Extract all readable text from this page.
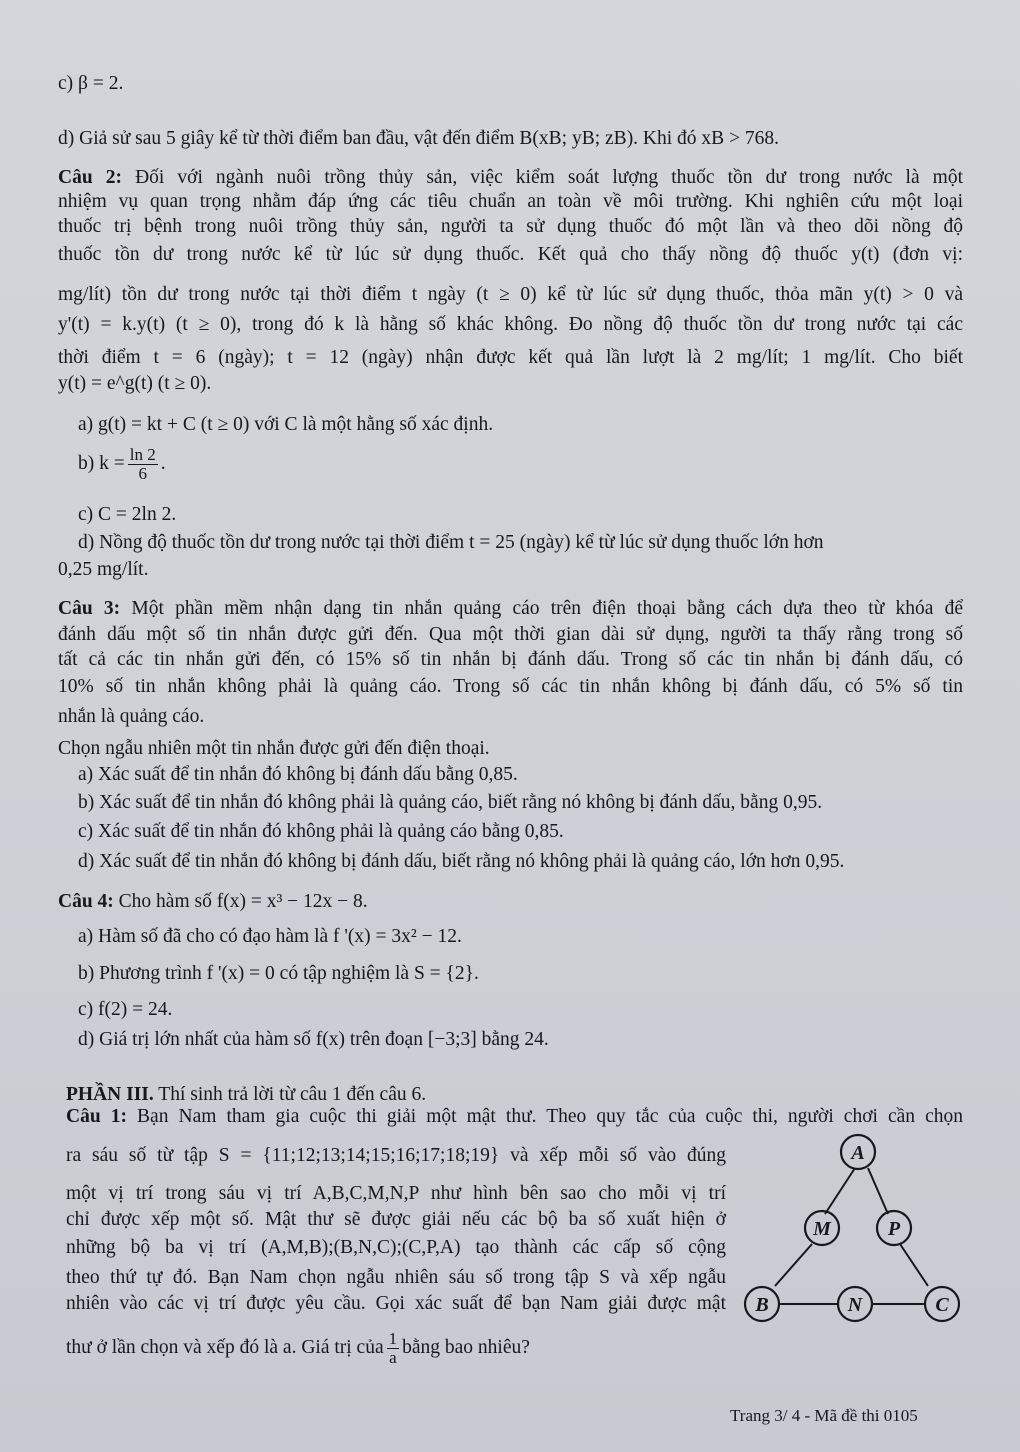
c) β = 2.
d) Giả sử sau 5 giây kể từ thời điểm ban đầu, vật đến điểm B(xB; yB; zB). Khi đó xB > 768.
Câu 2: Đối với ngành nuôi trồng thủy sản, việc kiểm soát lượng thuốc tồn dư trong nước là một
nhiệm vụ quan trọng nhằm đáp ứng các tiêu chuẩn an toàn về môi trường. Khi nghiên cứu một loại
thuốc trị bệnh trong nuôi trồng thủy sản, người ta sử dụng thuốc đó một lần và theo dõi nồng độ
thuốc tồn dư trong nước kể từ lúc sử dụng thuốc. Kết quả cho thấy nồng độ thuốc y(t) (đơn vị:
mg/lít) tồn dư trong nước tại thời điểm t ngày (t ≥ 0) kể từ lúc sử dụng thuốc, thỏa mãn y(t) > 0 và
y'(t) = k.y(t) (t ≥ 0), trong đó k là hằng số khác không. Đo nồng độ thuốc tồn dư trong nước tại các
thời điểm t = 6 (ngày); t = 12 (ngày) nhận được kết quả lần lượt là 2 mg/lít; 1 mg/lít. Cho biết
y(t) = e^g(t) (t ≥ 0).
a) g(t) = kt + C (t ≥ 0) với C là một hằng số xác định.
b) $k = \frac{\ln 2}{6}$ .
c) C = 2ln 2.
d) Nồng độ thuốc tồn dư trong nước tại thời điểm t = 25 (ngày) kể từ lúc sử dụng thuốc lớn hơn
0,25 mg/lít.
Câu 3: Một phần mềm nhận dạng tin nhắn quảng cáo trên điện thoại bằng cách dựa theo từ khóa để
đánh dấu một số tin nhắn được gửi đến. Qua một thời gian dài sử dụng, người ta thấy rằng trong số
tất cả các tin nhắn gửi đến, có 15% số tin nhắn bị đánh dấu. Trong số các tin nhắn bị đánh dấu, có
10% số tin nhắn không phải là quảng cáo. Trong số các tin nhắn không bị đánh dấu, có 5% số tin
nhắn là quảng cáo.
Chọn ngẫu nhiên một tin nhắn được gửi đến điện thoại.
a) Xác suất để tin nhắn đó không bị đánh dấu bằng 0,85.
b) Xác suất để tin nhắn đó không phải là quảng cáo, biết rằng nó không bị đánh dấu, bằng 0,95.
c) Xác suất để tin nhắn đó không phải là quảng cáo bằng 0,85.
d) Xác suất để tin nhắn đó không bị đánh dấu, biết rằng nó không phải là quảng cáo, lớn hơn 0,95.
Câu 4: Cho hàm số f(x) = x³ − 12x − 8.
a) Hàm số đã cho có đạo hàm là f '(x) = 3x² − 12.
b) Phương trình f '(x) = 0 có tập nghiệm là S = {2}.
c) f(2) = 24.
d) Giá trị lớn nhất của hàm số f(x) trên đoạn [−3;3] bằng 24.
PHẦN III. Thí sinh trả lời từ câu 1 đến câu 6.
Câu 1: Bạn Nam tham gia cuộc thi giải một mật thư. Theo quy tắc của cuộc thi, người chơi cần chọn
ra sáu số từ tập S = {11;12;13;14;15;16;17;18;19} và xếp mỗi số vào đúng
một vị trí trong sáu vị trí A,B,C,M,N,P như hình bên sao cho mỗi vị trí
chỉ được xếp một số. Mật thư sẽ được giải nếu các bộ ba số xuất hiện ở
những bộ ba vị trí (A,M,B);(B,N,C);(C,P,A) tạo thành các cấp số cộng
theo thứ tự đó. Bạn Nam chọn ngẫu nhiên sáu số trong tập S và xếp ngẫu
nhiên vào các vị trí được yêu cầu. Gọi xác suất để bạn Nam giải được mật
thư ở lần chọn và xếp đó là a. Giá trị của $\frac{1}{a}$ bằng bao nhiêu?
A
M	P
B	N	C
Trang 3/ 4 - Mã đề thi 0105
